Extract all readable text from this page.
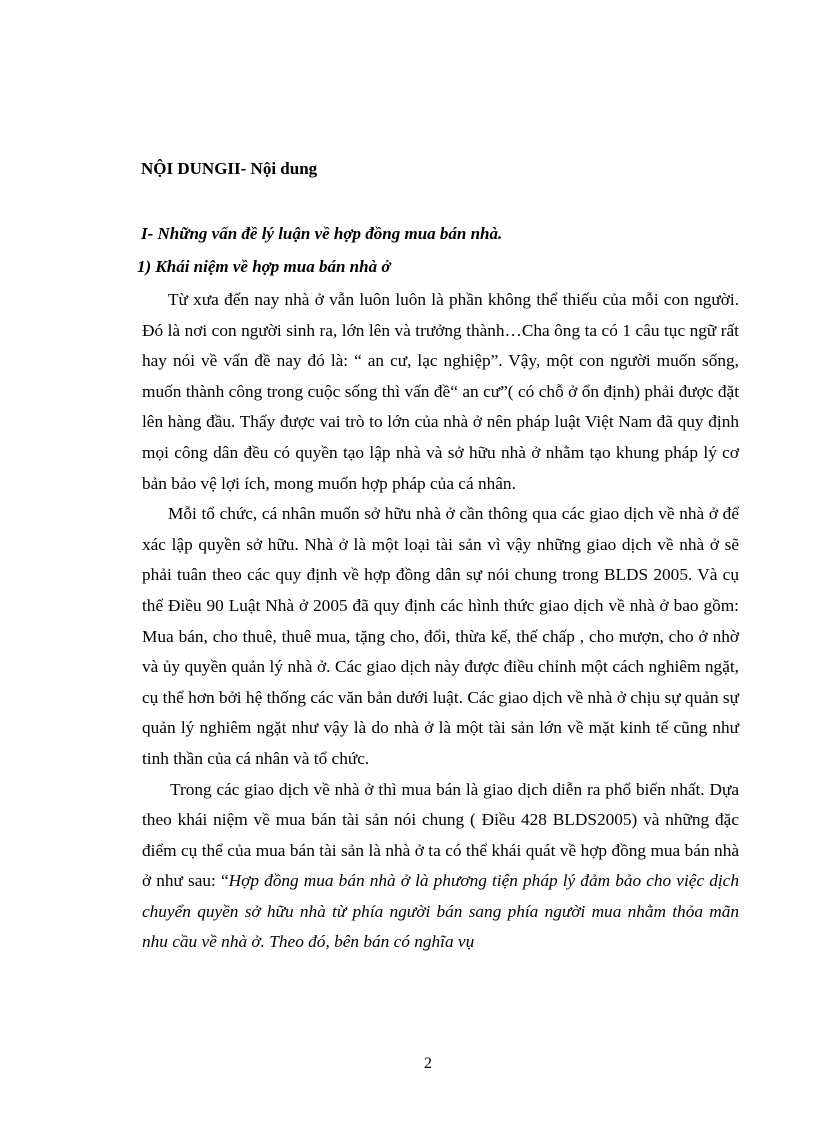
NỘI DUNGII- Nội dung
I- Những vấn đề lý luận về hợp đồng mua bán nhà.
1) Khái niệm về hợp mua bán nhà ở

Từ xưa đến nay nhà ở vẫn luôn luôn là phần không thể thiếu của mỗi con người. Đó là nơi con người sinh ra, lớn lên và trưởng thành…Cha ông ta có 1 câu tục ngữ rất hay nói về vấn đề nay đó là: “ an cư, lạc nghiệp”. Vậy, một con người muốn sống, muốn thành công trong cuộc sống thì vấn đề“ an cư”( có chỗ ở ổn định) phải được đặt lên hàng đầu. Thấy được vai trò to lớn của nhà ở nên pháp luật Việt Nam đã quy định mọi công dân đều có quyền tạo lập nhà và sở hữu nhà ở nhằm tạo khung pháp lý cơ bản bảo vệ lợi ích, mong muốn hợp pháp của cá nhân.

Mỗi tổ chức, cá nhân muốn sở hữu nhà ở cần thông qua các giao dịch về nhà ở để xác lập quyền sở hữu. Nhà ở là một loại tài sản vì vậy những giao dịch về nhà ở sẽ phải tuân theo các quy định về hợp đồng dân sự nói chung trong BLDS 2005. Và cụ thể Điều 90 Luật Nhà ở 2005 đã quy định các hình thức giao dịch về nhà ở bao gồm: Mua bán, cho thuê, thuê mua, tặng cho, đổi, thừa kế, thế chấp , cho mượn, cho ở nhờ và ủy quyền quản lý nhà ở. Các giao dịch này được điều chỉnh một cách nghiêm ngặt, cụ thể hơn bởi hệ thống các văn bản dưới luật. Các giao dịch về nhà ở chịu sự quản sự quản lý nghiêm ngặt như vậy là do nhà ở là một tài sản lớn về mặt kinh tế cũng như tinh thần của cá nhân và tổ chức.

Trong các giao dịch về nhà ở thì mua bán là giao dịch diễn ra phổ biến nhất. Dựa theo khái niệm về mua bán tài sản nói chung ( Điều 428 BLDS2005) và những đặc điểm cụ thể của mua bán tài sản là nhà ở ta có thể khái quát về hợp đồng mua bán nhà ở như sau: “Hợp đồng mua bán nhà ở là phương tiện pháp lý đảm bảo cho việc dịch chuyển quyền sở hữu nhà từ phía người bán sang phía người mua nhằm thỏa mãn nhu cầu về nhà ở. Theo đó, bên bán có nghĩa vụ

2
